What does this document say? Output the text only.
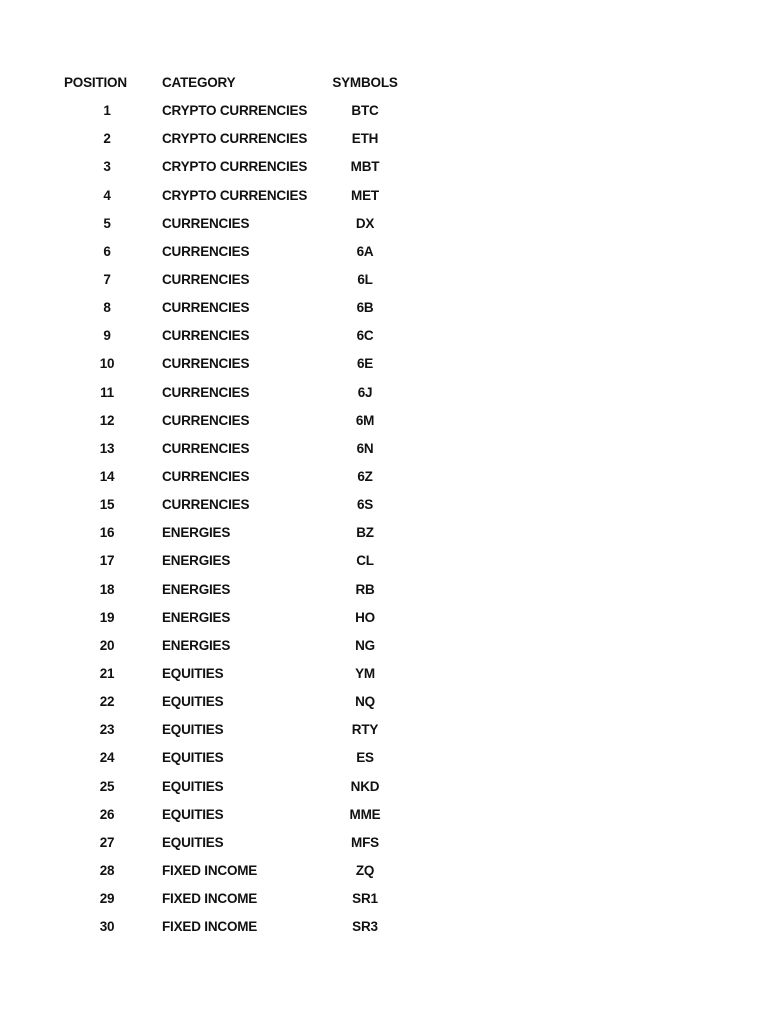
POSITION	CATEGORY	SYMBOLS
1	CRYPTO CURRENCIES	BTC
2	CRYPTO CURRENCIES	ETH
3	CRYPTO CURRENCIES	MBT
4	CRYPTO CURRENCIES	MET
5	CURRENCIES	DX
6	CURRENCIES	6A
7	CURRENCIES	6L
8	CURRENCIES	6B
9	CURRENCIES	6C
10	CURRENCIES	6E
11	CURRENCIES	6J
12	CURRENCIES	6M
13	CURRENCIES	6N
14	CURRENCIES	6Z
15	CURRENCIES	6S
16	ENERGIES	BZ
17	ENERGIES	CL
18	ENERGIES	RB
19	ENERGIES	HO
20	ENERGIES	NG
21	EQUITIES	YM
22	EQUITIES	NQ
23	EQUITIES	RTY
24	EQUITIES	ES
25	EQUITIES	NKD
26	EQUITIES	MME
27	EQUITIES	MFS
28	FIXED INCOME	ZQ
29	FIXED INCOME	SR1
30	FIXED INCOME	SR3
